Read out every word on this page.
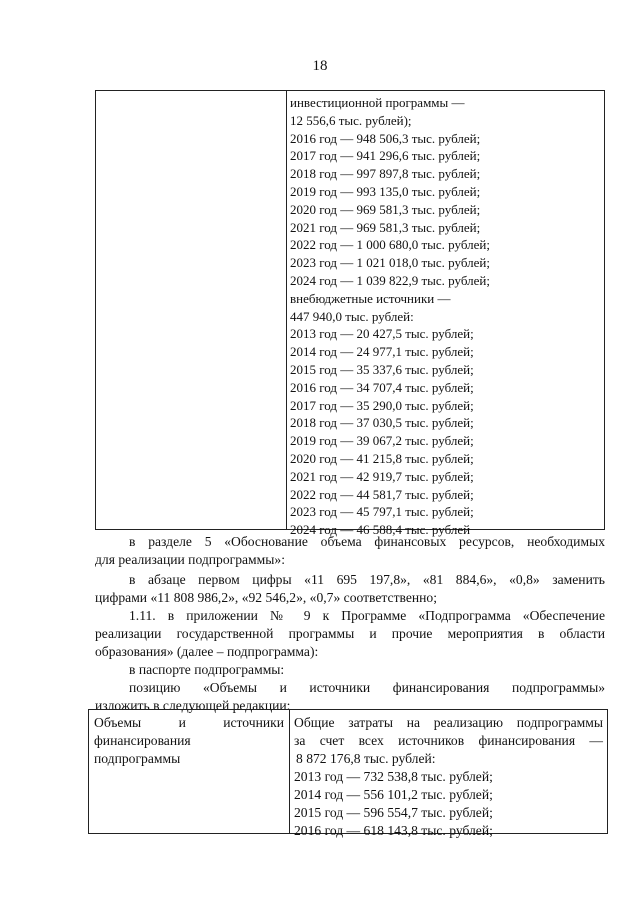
18
инвестиционной программы —
12 556,6 тыс. рублей);
2016 год — 948 506,3 тыс. рублей;
2017 год — 941 296,6 тыс. рублей;
2018 год — 997 897,8 тыс. рублей;
2019 год — 993 135,0 тыс. рублей;
2020 год — 969 581,3 тыс. рублей;
2021 год — 969 581,3 тыс. рублей;
2022 год — 1 000 680,0 тыс. рублей;
2023 год — 1 021 018,0 тыс. рублей;
2024 год — 1 039 822,9 тыс. рублей;
внебюджетные источники —
447 940,0 тыс. рублей:
2013 год — 20 427,5 тыс. рублей;
2014 год — 24 977,1 тыс. рублей;
2015 год — 35 337,6 тыс. рублей;
2016 год — 34 707,4 тыс. рублей;
2017 год — 35 290,0 тыс. рублей;
2018 год — 37 030,5 тыс. рублей;
2019 год — 39 067,2 тыс. рублей;
2020 год — 41 215,8 тыс. рублей;
2021 год — 42 919,7 тыс. рублей;
2022 год — 44 581,7 тыс. рублей;
2023 год — 45 797,1 тыс. рублей;
2024 год — 46 588,4 тыс. рублей
в разделе 5 «Обоснование объема финансовых ресурсов, необходимых
для реализации подпрограммы»:
в абзаце первом цифры «11 695 197,8», «81 884,6», «0,8» заменить
цифрами «11 808 986,2», «92 546,2», «0,7» соответственно;
1.11. в приложении № 9 к Программе «Подпрограмма «Обеспечение
реализации государственной программы и прочие мероприятия в области
образования» (далее – подпрограмма):
в паспорте подпрограммы:
позицию «Объемы и источники финансирования подпрограммы»
изложить в следующей редакции:
Объемы и источники
финансирования
подпрограммы
Общие затраты на реализацию подпрограммы
за счет всех источников финансирования —
8 872 176,8 тыс. рублей:
2013 год — 732 538,8 тыс. рублей;
2014 год — 556 101,2 тыс. рублей;
2015 год — 596 554,7 тыс. рублей;
2016 год — 618 143,8 тыс. рублей;
